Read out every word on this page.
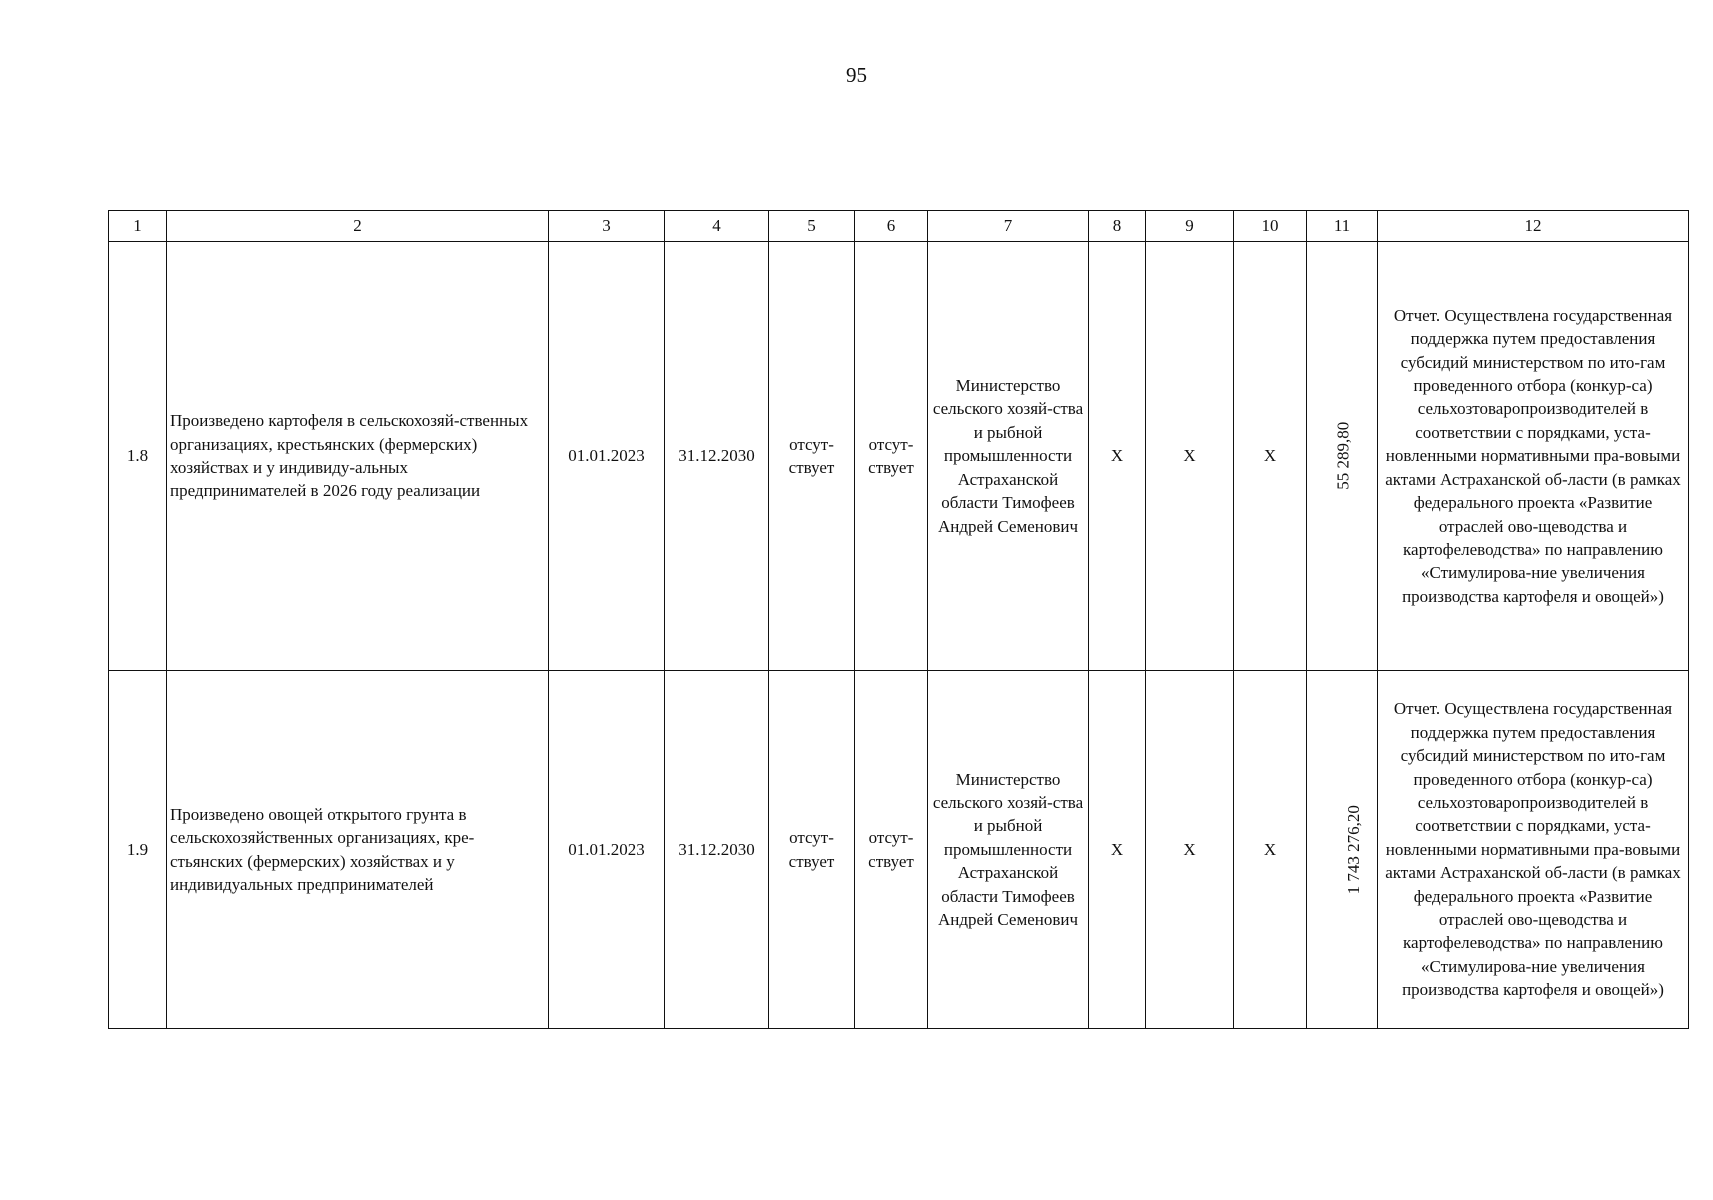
95
1	2	3	4	5	6	7	8	9	10	11	12
1.8	Произведено картофеля в сельскохозяй-ственных организациях, крестьянских (фермерских) хозяйствах и у индивиду-альных предпринимателей в 2026 году реализации	01.01.2023	31.12.2030	отсут-ствует	отсут-ствует	Министерство сельского хозяй-ства и рыбной промышленности Астраханской области Тимофеев Андрей Семенович	X	X	X	55 289,80	Отчет. Осуществлена государственная поддержка путем предоставления субсидий министерством по ито-гам проведенного отбора (конкур-са) сельхозтоваропроизводителей в соответствии с порядками, уста-новленными нормативными пра-вовыми актами Астраханской об-ласти (в рамках федерального проекта «Развитие отраслей ово-щеводства и картофелеводства» по направлению «Стимулирова-ние увеличения производства картофеля и овощей»)
1.9	Произведено овощей открытого грунта в сельскохозяйственных организациях, кре-стьянских (фермерских) хозяйствах и у индивидуальных предпринимателей	01.01.2023	31.12.2030	отсут-ствует	отсут-ствует	Министерство сельского хозяй-ства и рыбной промышленности Астраханской области Тимофеев Андрей Семенович	X	X	X	1 743 276,20	Отчет. Осуществлена государственная поддержка путем предоставления субсидий министерством по ито-гам проведенного отбора (конкур-са) сельхозтоваропроизводителей в соответствии с порядками, уста-новленными нормативными пра-вовыми актами Астраханской об-ласти (в рамках федерального проекта «Развитие отраслей ово-щеводства и картофелеводства» по направлению «Стимулирова-ние увеличения производства картофеля и овощей»)
